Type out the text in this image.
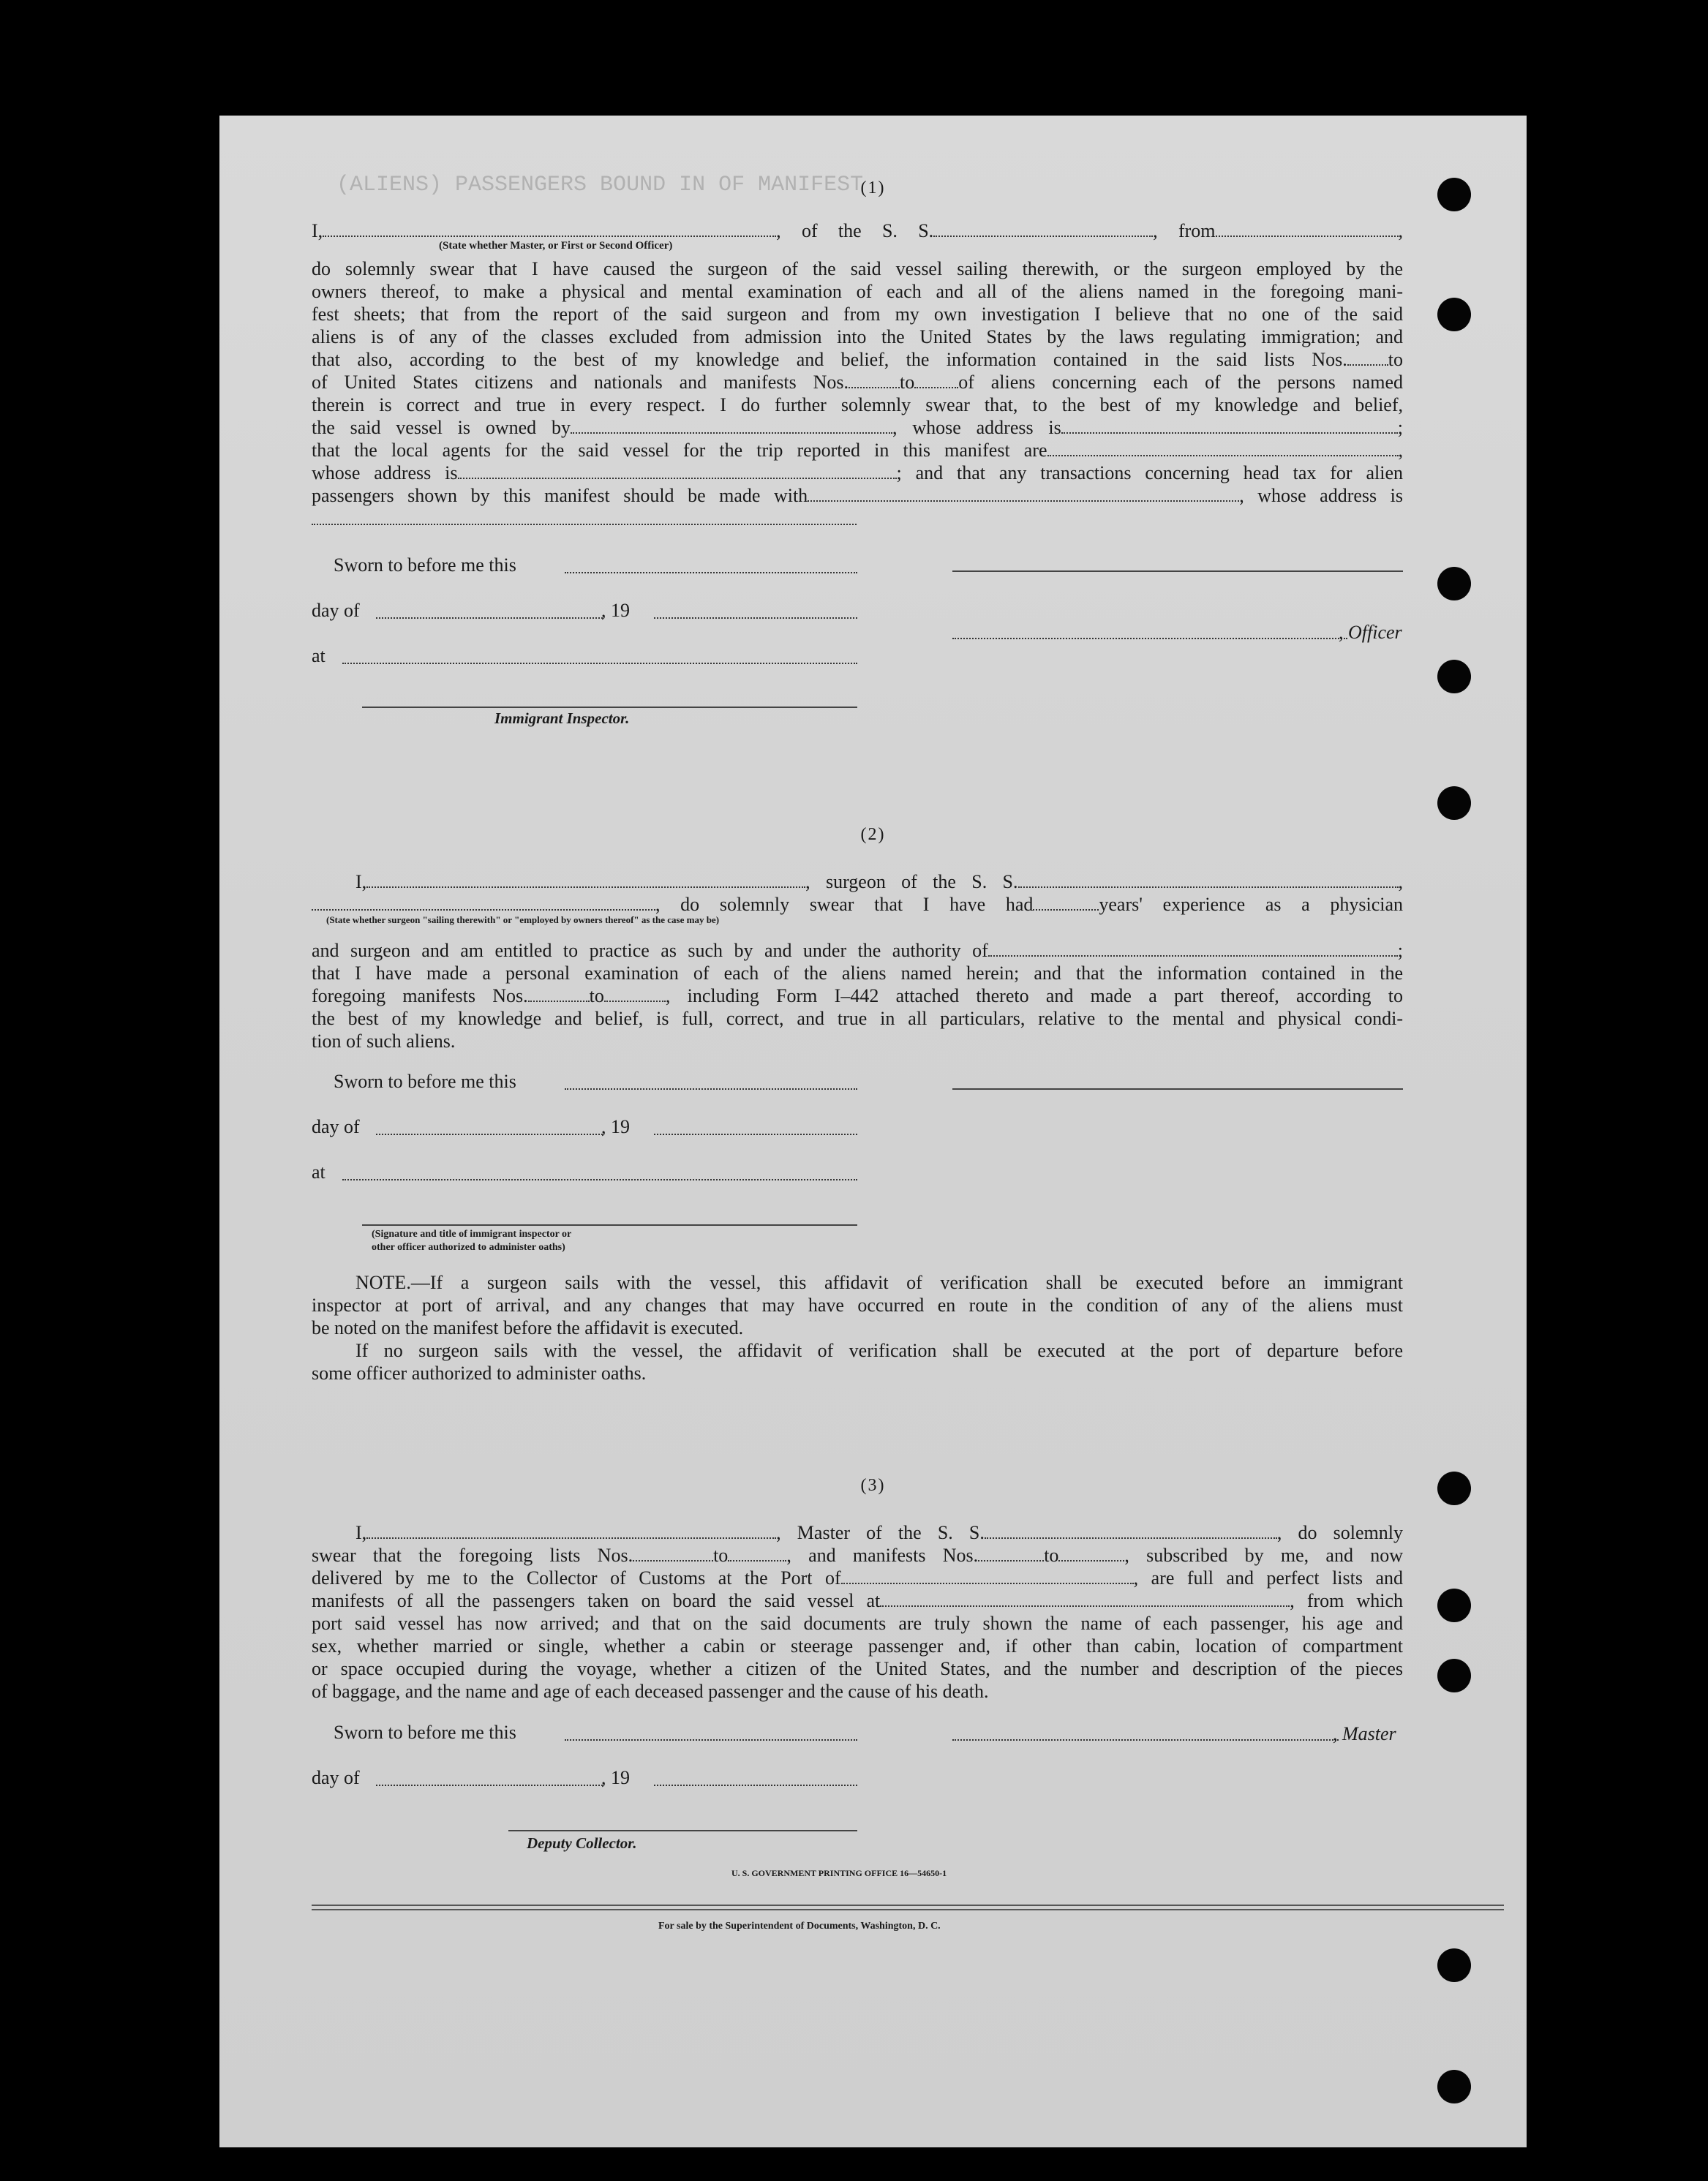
(ALIENS) PASSENGERS BOUND IN OF MANIFEST
(1)
I,	, of the S. S.	, from	,
(State whether Master, or First or Second Officer)
do solemnly swear that I have caused the surgeon of the said vessel sailing therewith, or the surgeon employed by the
owners thereof, to make a physical and mental examination of each and all of the aliens named in the foregoing mani-
fest sheets; that from the report of the said surgeon and from my own investigation I believe that no one of the said
aliens is of any of the classes excluded from admission into the United States by the laws regulating immigration; and
that also, according to the best of my knowledge and belief, the information contained in the said lists Nos. to
of United States citizens and nationals and manifests Nos.	to of aliens concerning each of the persons named
therein is correct and true in every respect. I do further solemnly swear that, to the best of my knowledge and belief,
the said vessel is owned by	, whose address is	;
that the local agents for the said vessel for the trip reported in this manifest are	,
whose address is	; and that any transactions concerning head tax for alien
passengers shown by this manifest should be made with	, whose address is
Sworn to before me this
day of	, 19
, Officer
at
Immigrant Inspector.
(2)
I,	, surgeon of the S. S.	,
, do solemnly swear that I have had	years' experience as a physician
(State whether surgeon "sailing therewith" or "employed by owners thereof" as the case may be)
and surgeon and am entitled to practice as such by and under the authority of	;
that I have made a personal examination of each of the aliens named herein; and that the information contained in the
foregoing manifests Nos.	to	, including Form I–442 attached thereto and made a part thereof, according to
the best of my knowledge and belief, is full, correct, and true in all particulars, relative to the mental and physical condi-
tion of such aliens.
Sworn to before me this
day of	, 19
at
(Signature and title of immigrant inspector or
other officer authorized to administer oaths)
NOTE.—If a surgeon sails with the vessel, this affidavit of verification shall be executed before an immigrant
inspector at port of arrival, and any changes that may have occurred en route in the condition of any of the aliens must
be noted on the manifest before the affidavit is executed.
If no surgeon sails with the vessel, the affidavit of verification shall be executed at the port of departure before
some officer authorized to administer oaths.
(3)
I,	, Master of the S. S.	, do solemnly
swear that the foregoing lists Nos.	to	, and manifests Nos.	to	, subscribed by me, and now
delivered by me to the Collector of Customs at the Port of	, are full and perfect lists and
manifests of all the passengers taken on board the said vessel at	, from which
port said vessel has now arrived; and that on the said documents are truly shown the name of each passenger, his age and
sex, whether married or single, whether a cabin or steerage passenger and, if other than cabin, location of compartment
or space occupied during the voyage, whether a citizen of the United States, and the number and description of the pieces
of baggage, and the name and age of each deceased passenger and the cause of his death.
Sworn to before me this	, Master
day of	, 19
Deputy Collector.
U. S. GOVERNMENT PRINTING OFFICE 16—54650-1
For sale by the Superintendent of Documents, Washington, D. C.
